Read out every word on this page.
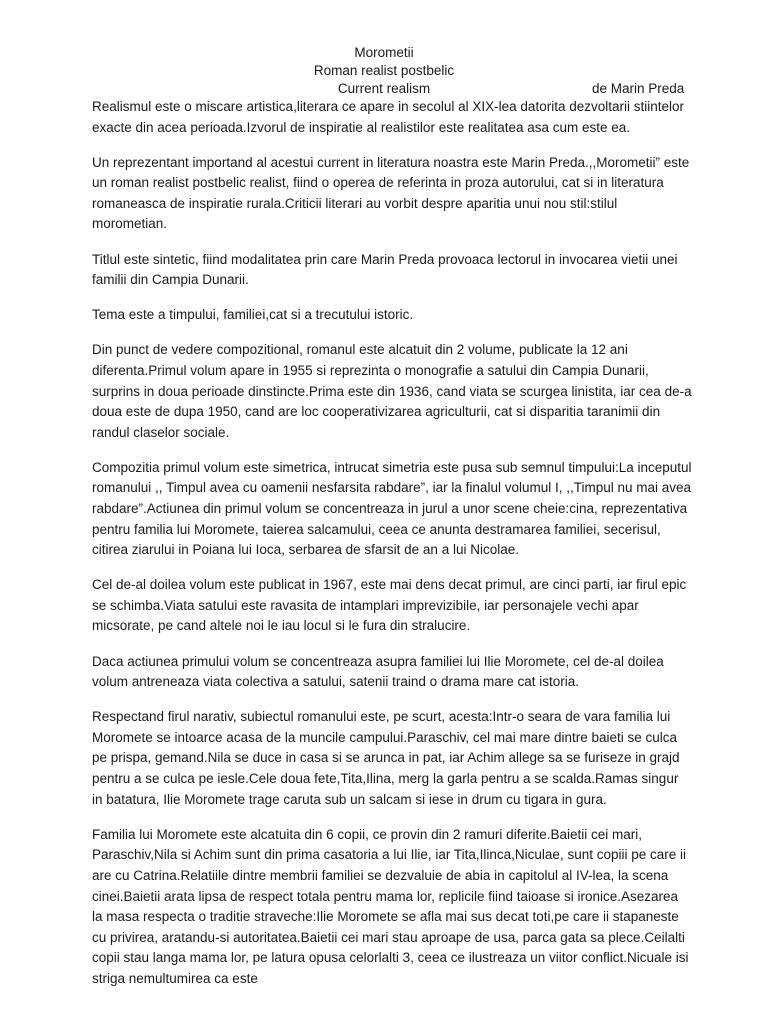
Morometii
Roman realist postbelic
Current realism	de Marin Preda

Realismul este o miscare artistica,literara ce apare in secolul al XIX-lea datorita dezvoltarii stiintelor exacte din acea perioada.Izvorul de inspiratie al realistilor este realitatea asa cum este ea.

Un reprezentant importand al acestui current in literatura noastra este Marin Preda.,,Morometii” este un roman realist postbelic realist, fiind o operea de referinta in proza autorului, cat si in literatura romaneasca de inspiratie rurala.Criticii literari au vorbit despre aparitia unui nou stil:stilul morometian.

Titlul este sintetic, fiind modalitatea prin care Marin Preda provoaca lectorul in invocarea vietii unei familii din Campia Dunarii.

Tema este a timpului, familiei,cat si a trecutului istoric.

Din punct de vedere compozitional, romanul este alcatuit din 2 volume, publicate la 12 ani diferenta.Primul volum apare in 1955 si reprezinta o monografie a satului din Campia Dunarii, surprins in doua perioade dinstincte.Prima este din 1936, cand viata se scurgea linistita, iar cea de-a doua este de dupa 1950, cand are loc cooperativizarea agriculturii, cat si disparitia taranimii din randul claselor sociale.

Compozitia primul volum este simetrica, intrucat simetria este pusa sub semnul timpului:La inceputul romanului ,, Timpul avea cu oamenii nesfarsita rabdare”, iar la finalul volumul I, ,,Timpul nu mai avea rabdare”.Actiunea din primul volum se concentreaza in jurul a unor scene cheie:cina, reprezentativa pentru familia lui Moromete, taierea salcamului, ceea ce anunta destramarea familiei, secerisul, citirea ziarului in Poiana lui Ioca, serbarea de sfarsit de an a lui Nicolae.

Cel de-al doilea volum este publicat in 1967, este mai dens decat primul, are cinci parti, iar firul epic se schimba.Viata satului este ravasita de intamplari imprevizibile, iar personajele vechi apar micsorate, pe cand altele noi le iau locul si le fura din stralucire.

Daca actiunea primului volum se concentreaza asupra familiei lui Ilie Moromete, cel de-al doilea volum antreneaza viata colectiva a satului, satenii traind o drama mare cat istoria.

Respectand firul narativ, subiectul romanului este, pe scurt, acesta:Intr-o seara de vara familia lui Moromete se intoarce acasa de la muncile campului.Paraschiv, cel mai mare dintre baieti se culca pe prispa, gemand.Nila se duce in casa si se arunca in pat, iar Achim allege sa se furiseze in grajd pentru a se culca pe iesle.Cele doua fete,Tita,Ilina, merg la garla pentru a se scalda.Ramas singur in batatura, Ilie Moromete trage caruta sub un salcam si iese in drum cu tigara in gura.

Familia lui Moromete este alcatuita din 6 copii, ce provin din 2 ramuri diferite.Baietii cei mari, Paraschiv,Nila si Achim sunt din prima casatoria a lui Ilie, iar Tita,Ilinca,Niculae, sunt copiii pe care ii are cu Catrina.Relatiile dintre membrii familiei se dezvaluie de abia in capitolul al IV-lea, la scena cinei.Baietii arata lipsa de respect totala pentru mama lor, replicile fiind taioase si ironice.Asezarea la masa respecta o traditie straveche:Ilie Moromete se afla mai sus decat toti,pe care ii stapaneste cu privirea, aratandu-si autoritatea.Baietii cei mari stau aproape de usa, parca gata sa plece.Ceilalti copii stau langa mama lor, pe latura opusa celorlalti 3, ceea ce ilustreaza un viitor conflict.Nicuale isi striga nemultumirea ca este
